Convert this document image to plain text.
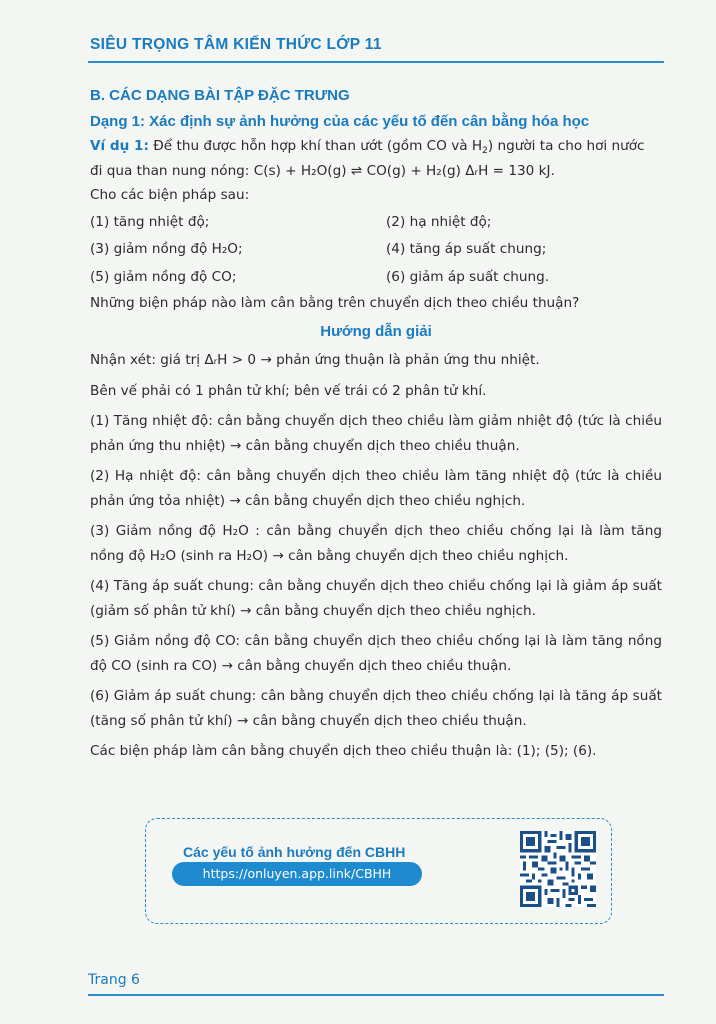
SIÊU TRỌNG TÂM KIẾN THỨC LỚP 11

B. CÁC DẠNG BÀI TẬP ĐẶC TRƯNG

Dạng 1: Xác định sự ảnh hưởng của các yếu tố đến cân bằng hóa học

Ví dụ 1: Để thu được hỗn hợp khí than ướt (gồm CO và $H_2$) người ta cho hơi nước
đi qua than nung nóng: C(s) + H₂O(g) ⇌ CO(g) + H₂(g) ΔᵣH = 130 kJ.

Cho các biện pháp sau:

(1) tăng nhiệt độ;	(2) hạ nhiệt độ;
(3) giảm nồng độ H₂O;	(4) tăng áp suất chung;
(5) giảm nồng độ CO;	(6) giảm áp suất chung.

Những biện pháp nào làm cân bằng trên chuyển dịch theo chiều thuận?

Hướng dẫn giải

Nhận xét: giá trị ΔᵣH > 0 → phản ứng thuận là phản ứng thu nhiệt.

Bên vế phải có 1 phân tử khí; bên vế trái có 2 phân tử khí.

(1) Tăng nhiệt độ: cân bằng chuyển dịch theo chiều làm giảm nhiệt độ (tức là chiều phản ứng thu nhiệt) → cân bằng chuyển dịch theo chiều thuận.

(2) Hạ nhiệt độ: cân bằng chuyển dịch theo chiều làm tăng nhiệt độ (tức là chiều phản ứng tỏa nhiệt) → cân bằng chuyển dịch theo chiều nghịch.

(3) Giảm nồng độ H₂O : cân bằng chuyển dịch theo chiều chống lại là làm tăng nồng độ H₂O (sinh ra H₂O) → cân bằng chuyển dịch theo chiều nghịch.

(4) Tăng áp suất chung: cân bằng chuyển dịch theo chiều chống lại là giảm áp suất (giảm số phân tử khí) → cân bằng chuyển dịch theo chiều nghịch.

(5) Giảm nồng độ CO: cân bằng chuyển dịch theo chiều chống lại là làm tăng nồng độ CO (sinh ra CO) → cân bằng chuyển dịch theo chiều thuận.

(6) Giảm áp suất chung: cân bằng chuyển dịch theo chiều chống lại là tăng áp suất (tăng số phân tử khí) → cân bằng chuyển dịch theo chiều thuận.

Các biện pháp làm cân bằng chuyển dịch theo chiều thuận là: (1); (5); (6).

Các yếu tố ảnh hưởng đến CBHH
https://onluyen.app.link/CBHH
Trang 6
